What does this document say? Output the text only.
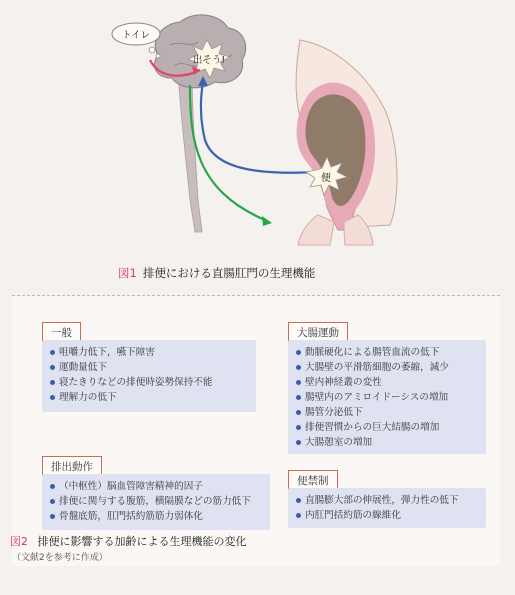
出そう!
トイレ
便
図1 排便における直腸肛門の生理機能
一般
咀嚼力低下，嚥下障害
運動量低下
寝たきりなどの排便時姿勢保持不能
理解力の低下
大腸運動
動脈硬化による腸管血流の低下
大腸壁の平滑筋細胞の萎縮，減少
壁内神経叢の変性
腸壁内のアミロイドーシスの増加
腸管分泌低下
排便習慣からの巨大結腸の増加
大腸憩室の増加
排出動作
（中枢性）脳血管障害精神的因子
排便に関与する腹筋，横隔膜などの筋力低下
骨盤底筋，肛門括約筋筋力弱体化
便禁制
直腸膨大部の伸展性，弾力性の低下
内肛門括約筋の線維化
図2 排便に影響する加齢による生理機能の変化
（文献2を参考に作成）
